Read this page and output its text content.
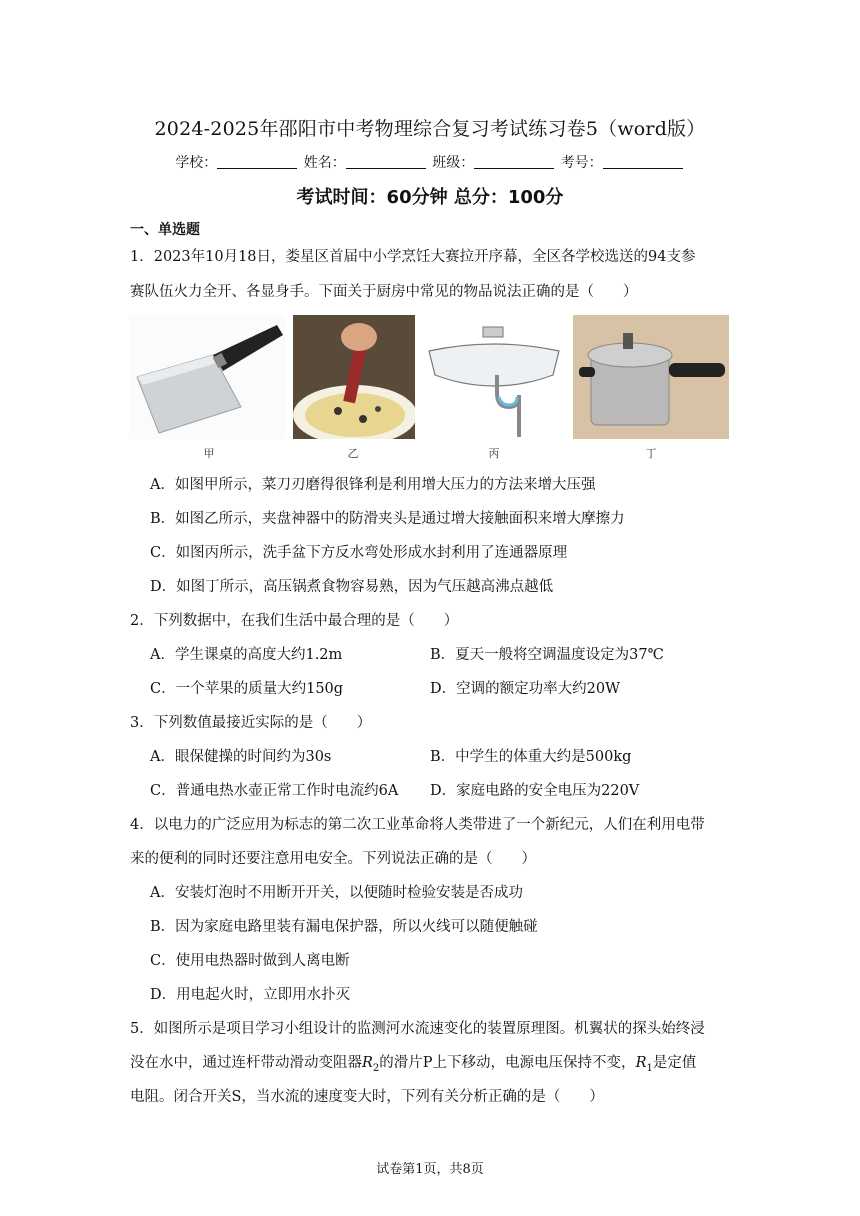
2024-2025年邵阳市中考物理综合复习考试练习卷5（word版）
学校：	姓名：	班级：	考号：
考试时间：60分钟 总分：100分
一、单选题
1．2023年10月18日，娄星区首届中小学烹饪大赛拉开序幕，全区各学校选送的94支参
赛队伍火力全开、各显身手。下面关于厨房中常见的物品说法正确的是（　　）
甲	乙	丙	丁
A．如图甲所示，菜刀刃磨得很锋利是利用增大压力的方法来增大压强
B．如图乙所示，夹盘神器中的防滑夹头是通过增大接触面积来增大摩擦力
C．如图丙所示，洗手盆下方反水弯处形成水封利用了连通器原理
D．如图丁所示，高压锅煮食物容易熟，因为气压越高沸点越低
2．下列数据中，在我们生活中最合理的是（　　）
A．学生课桌的高度大约1.2m	B．夏天一般将空调温度设定为37℃
C．一个苹果的质量大约150g	D．空调的额定功率大约20W
3．下列数值最接近实际的是（　　）
A．眼保健操的时间约为30s	B．中学生的体重大约是500kg
C．普通电热水壶正常工作时电流约6A D．家庭电路的安全电压为220V
4．以电力的广泛应用为标志的第二次工业革命将人类带进了一个新纪元，人们在利用电带
来的便利的同时还要注意用电安全。下列说法正确的是（　　）
A．安装灯泡时不用断开开关，以便随时检验安装是否成功
B．因为家庭电路里装有漏电保护器，所以火线可以随便触碰
C．使用电热器时做到人离电断
D．用电起火时，立即用水扑灭
5．如图所示是项目学习小组设计的监测河水流速变化的装置原理图。机翼状的探头始终浸
没在水中，通过连杆带动滑动变阻器$R_2$的滑片P上下移动，电源电压保持不变，$R_1$是定值
电阻。闭合开关S，当水流的速度变大时，下列有关分析正确的是（　　）
试卷第1页，共8页
